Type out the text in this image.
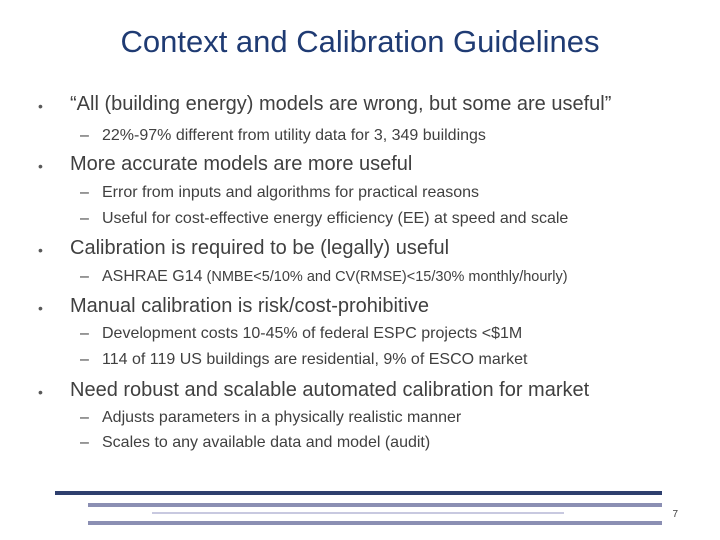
Context and Calibration Guidelines
• “All (building energy) models are wrong, but some are useful”
– 22%-97% different from utility data for 3, 349 buildings
• More accurate models are more useful
– Error from inputs and algorithms for practical reasons
– Useful for cost-effective energy efficiency (EE) at speed and scale
• Calibration is required to be (legally) useful
– ASHRAE G14 (NMBE<5/10% and CV(RMSE)<15/30% monthly/hourly)
• Manual calibration is risk/cost-prohibitive
– Development costs 10-45% of federal ESPC projects <$1M
– 114 of 119 US buildings are residential, 9% of ESCO market
• Need robust and scalable automated calibration for market
– Adjusts parameters in a physically realistic manner
– Scales to any available data and model (audit)
7
